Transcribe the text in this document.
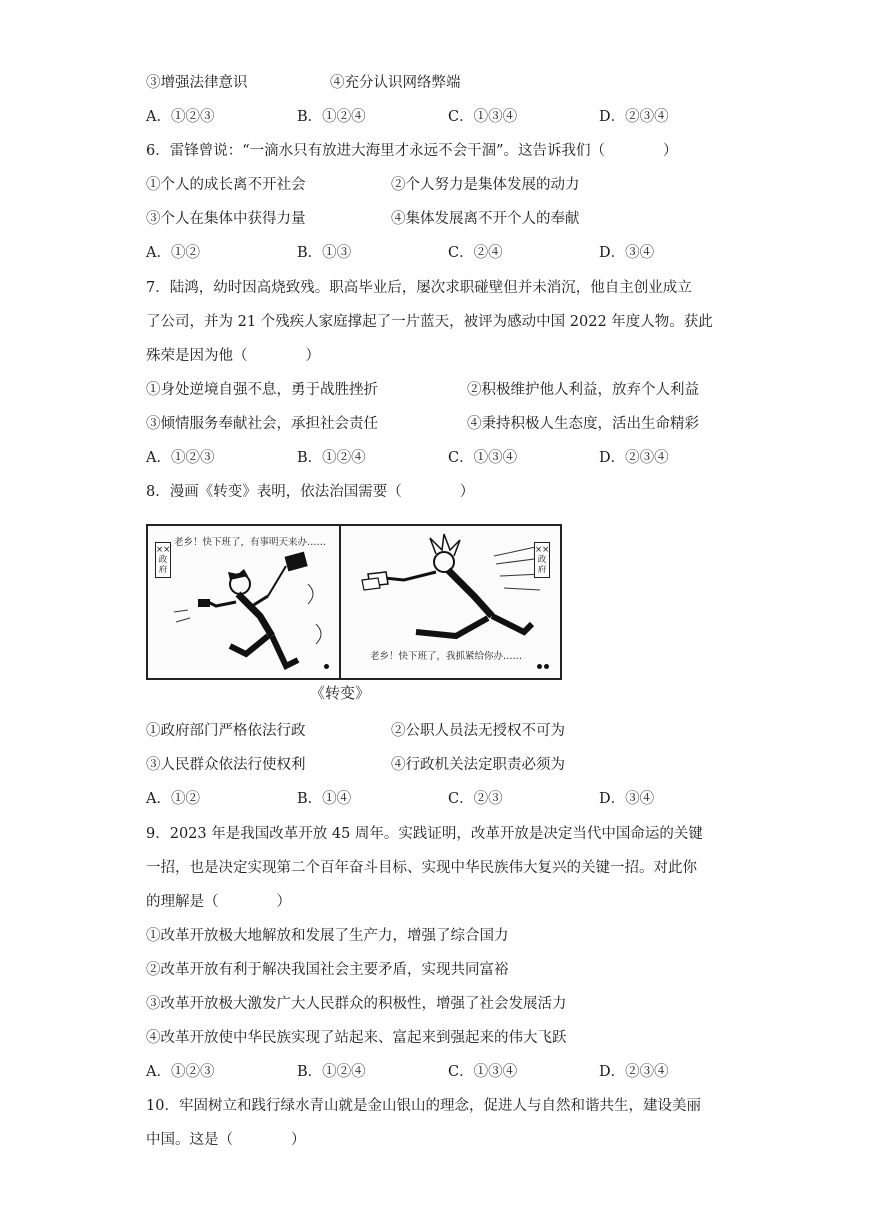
③增强法律意识	④充分认识网络弊端
A．①②③	B．①②④	C．①③④	D．②③④
6．雷锋曾说：“一滴水只有放进大海里才永远不会干涸”。这告诉我们（　　　　）
①个人的成长离不开社会	②个人努力是集体发展的动力
③个人在集体中获得力量	④集体发展离不开个人的奉献
A．①②	B．①③	C．②④	D．③④
7．陆鸿，幼时因高烧致残。职高毕业后，屡次求职碰壁但并未消沉，他自主创业成立
了公司，并为 21 个残疾人家庭撑起了一片蓝天，被评为感动中国 2022 年度人物。获此
殊荣是因为他（　　　　）
①身处逆境自强不息，勇于战胜挫折	②积极维护他人利益，放弃个人利益
③倾情服务奉献社会，承担社会责任	④秉持积极人生态度，活出生命精彩
A．①②③	B．①②④	C．①③④	D．②③④
8．漫画《转变》表明，依法治国需要（　　　　）
老乡！快下班了，有事明天来办……
××政府
××政府
老乡！快下班了，我抓紧给你办……
《转变》
①政府部门严格依法行政	②公职人员法无授权不可为
③人民群众依法行使权利	④行政机关法定职责必须为
A．①②	B．①④	C．②③	D．③④
9．2023 年是我国改革开放 45 周年。实践证明，改革开放是决定当代中国命运的关键
一招，也是决定实现第二个百年奋斗目标、实现中华民族伟大复兴的关键一招。对此你
的理解是（　　　　）
①改革开放极大地解放和发展了生产力，增强了综合国力
②改革开放有利于解决我国社会主要矛盾，实现共同富裕
③改革开放极大激发广大人民群众的积极性，增强了社会发展活力
④改革开放使中华民族实现了站起来、富起来到强起来的伟大飞跃
A．①②③	B．①②④	C．①③④	D．②③④
10．牢固树立和践行绿水青山就是金山银山的理念，促进人与自然和谐共生，建设美丽
中国。这是（　　　　）
